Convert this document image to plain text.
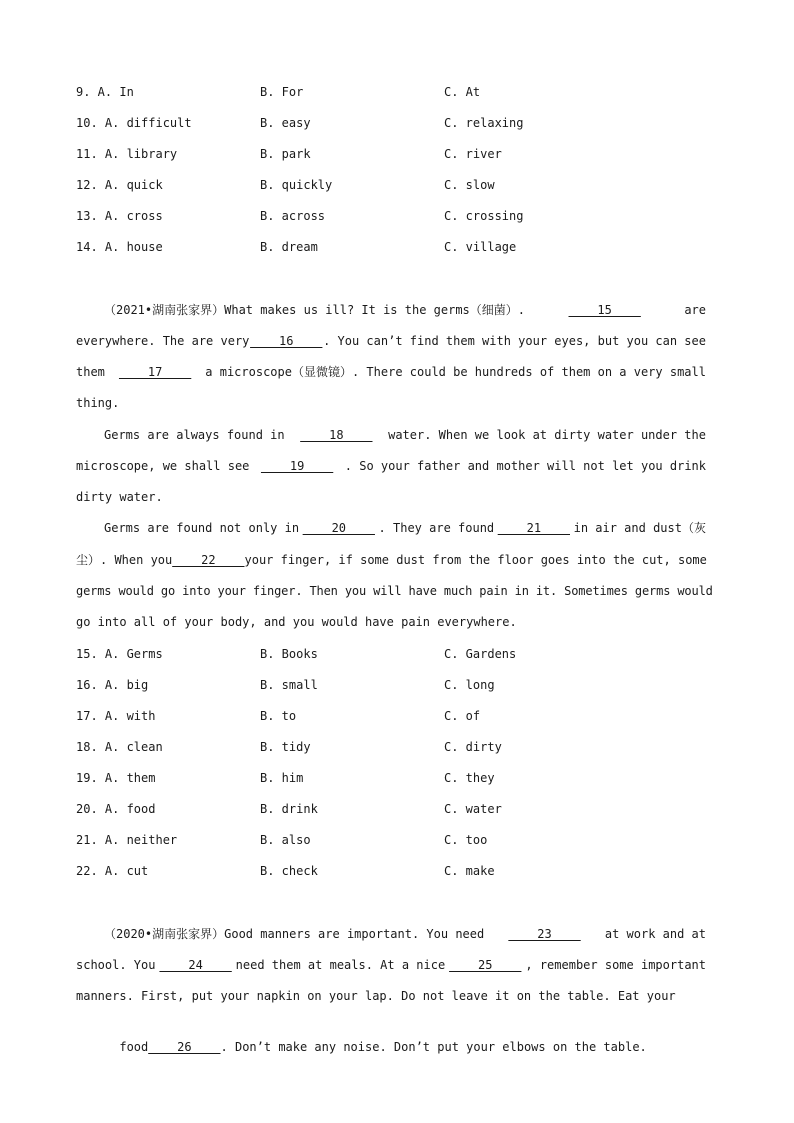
9. A. In	B. For	C. At
10. A. difficult	B. easy	C. relaxing
11. A. library	B. park	C. river
12. A. quick	B. quickly	C. slow
13. A. cross	B. across	C. crossing
14. A. house	B. dream	C. village
（2021•湖南张家界）What makes us ill? It is the germs（细菌）.	____15____	are
everywhere. The are very ____16____ . You can’t find them with your eyes, but you can see
them ____17____ a microscope（显微镜）. There could be hundreds of them on a very small
thing.
Germs are always found in ____18____ water. When we look at dirty water under the
microscope, we shall see ____19____ . So your father and mother will not let you drink
dirty water.
Germs are found not only in ____20____ . They are found ____21____ in air and dust（灰
尘）. When you ____22____ your finger, if some dust from the floor goes into the cut, some
germs would go into your finger. Then you will have much pain in it. Sometimes germs would
go into all of your body, and you would have pain everywhere.
15. A. Germs	B. Books	C. Gardens
16. A. big	B. small	C. long
17. A. with	B. to	C. of
18. A. clean	B. tidy	C. dirty
19. A. them	B. him	C. they
20. A. food	B. drink	C. water
21. A. neither	B. also	C. too
22. A. cut	B. check	C. make
（2020•湖南张家界）Good manners are important. You need ____23____ at work and at
school. You ____24____ need them at meals. At a nice ____25____ , remember some important
manners. First, put your napkin on your lap. Do not leave it on the table. Eat your

food____26____. Don’t make any noise. Don’t put your elbows on the table.
